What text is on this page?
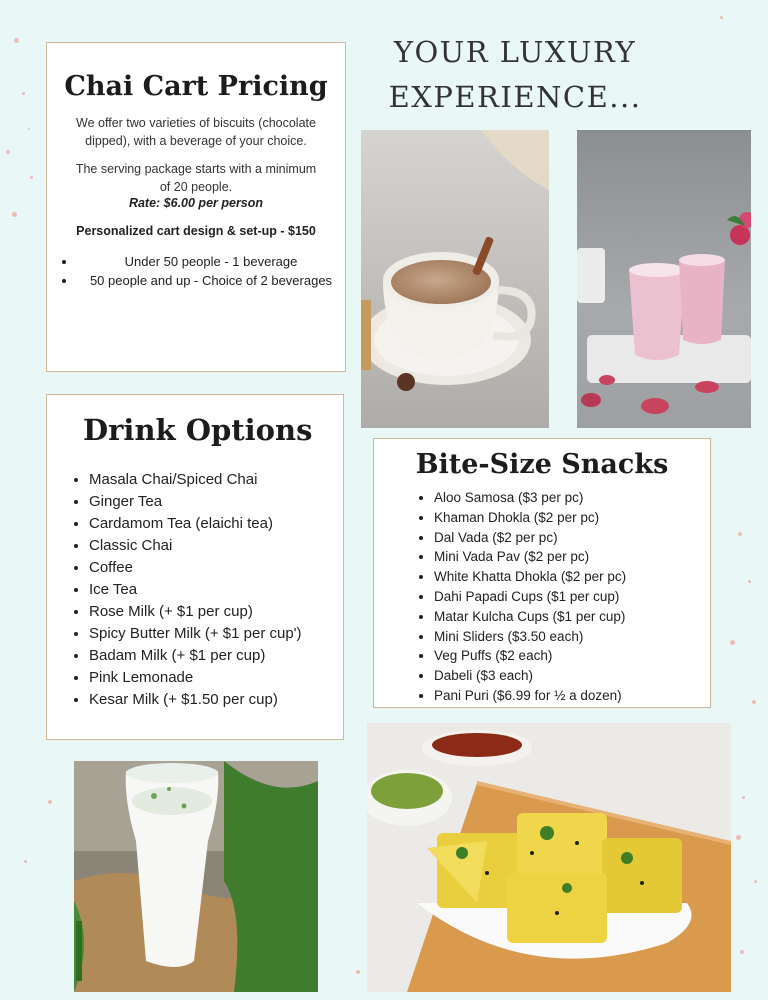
YOUR LUXURY
EXPERIENCE...
Chai Cart Pricing

We offer two varieties of biscuits (chocolate dipped), with a beverage of your choice.

The serving package starts with a minimum of 20 people.

Rate: $6.00 per person
Personalized cart design & set-up - $150
• Under 50 people - 1 beverage
• 50 people and up - Choice of 2 beverages
Drink Options
• Masala Chai/Spiced Chai
• Ginger Tea
• Cardamom Tea (elaichi tea)
• Classic Chai
• Coffee
• Ice Tea
• Rose Milk (+ $1 per cup)
• Spicy Butter Milk (+ $1 per cup')
• Badam Milk (+ $1 per cup)
• Pink Lemonade
• Kesar Milk (+ $1.50 per cup)
Bite-Size Snacks
• Aloo Samosa ($3 per pc)
• Khaman Dhokla ($2 per pc)
• Dal Vada ($2 per pc)
• Mini Vada Pav ($2 per pc)
• White Khatta Dhokla ($2 per pc)
• Dahi Papadi Cups ($1 per cup)
• Matar Kulcha Cups ($1 per cup)
• Mini Sliders ($3.50 each)
• Veg Puffs ($2 each)
• Dabeli ($3 each)
• Pani Puri ($6.99 for ½ a dozen)
